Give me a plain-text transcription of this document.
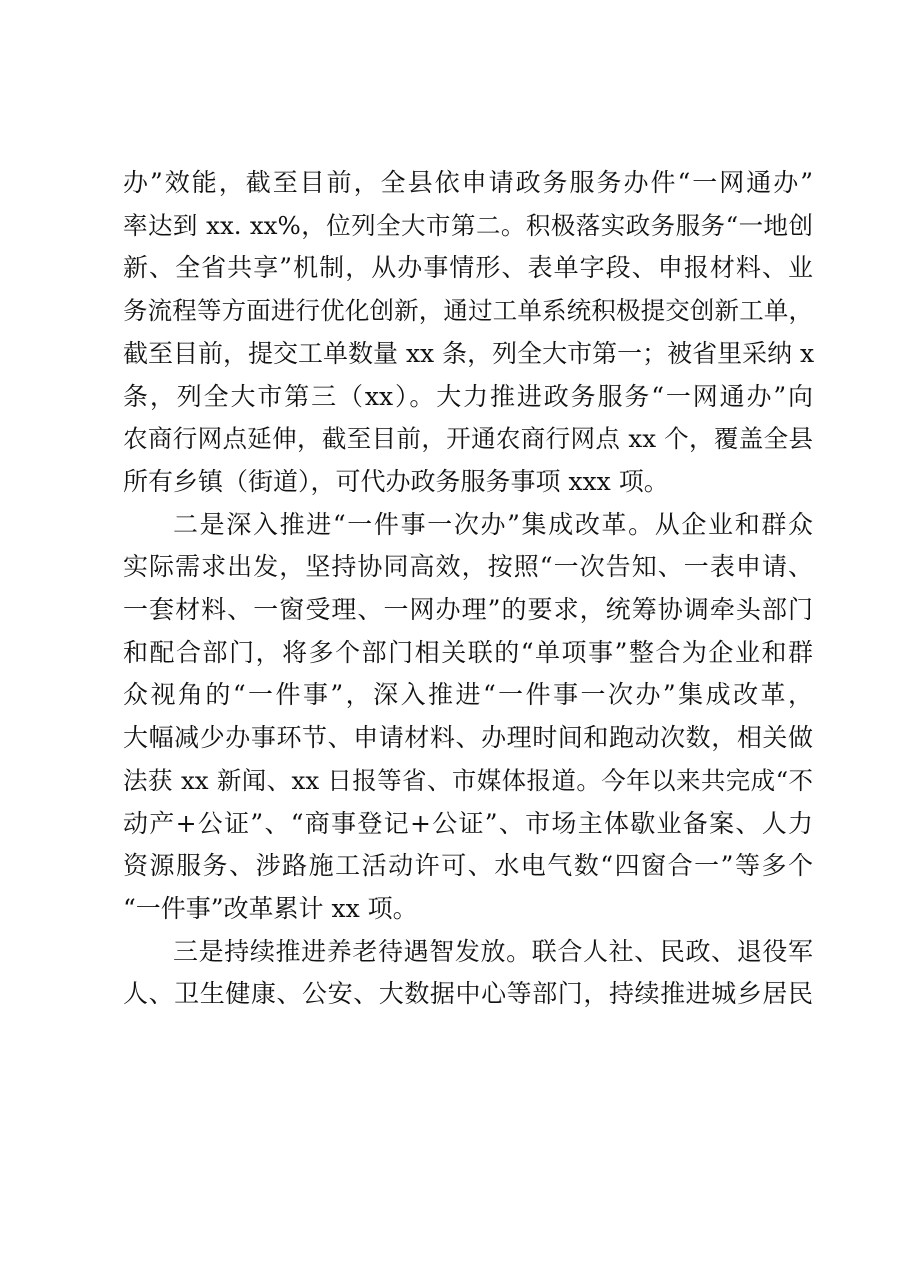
办”效能，截至目前，全县依申请政务服务办件“一网通办”
率达到 xx. xx%，位列全大市第二。积极落实政务服务“一地创
新、全省共享”机制，从办事情形、表单字段、申报材料、业
务流程等方面进行优化创新，通过工单系统积极提交创新工单，
截至目前，提交工单数量 xx 条，列全大市第一；被省里采纳 x
条，列全大市第三（xx）。大力推进政务服务“一网通办”向
农商行网点延伸，截至目前，开通农商行网点 xx 个，覆盖全县
所有乡镇（街道），可代办政务服务事项 xxx 项。
二是深入推进“一件事一次办”集成改革。从企业和群众
实际需求出发，坚持协同高效，按照“一次告知、一表申请、
一套材料、一窗受理、一网办理”的要求，统筹协调牵头部门
和配合部门，将多个部门相关联的“单项事”整合为企业和群
众视角的“一件事”，深入推进“一件事一次办”集成改革，
大幅减少办事环节、申请材料、办理时间和跑动次数，相关做
法获 xx 新闻、xx 日报等省、市媒体报道。今年以来共完成“不
动产+公证”、“商事登记+公证”、市场主体歇业备案、人力
资源服务、涉路施工活动许可、水电气数“四窗合一”等多个
“一件事”改革累计 xx 项。
三是持续推进养老待遇智发放。联合人社、民政、退役军
人、卫生健康、公安、大数据中心等部门，持续推进城乡居民
